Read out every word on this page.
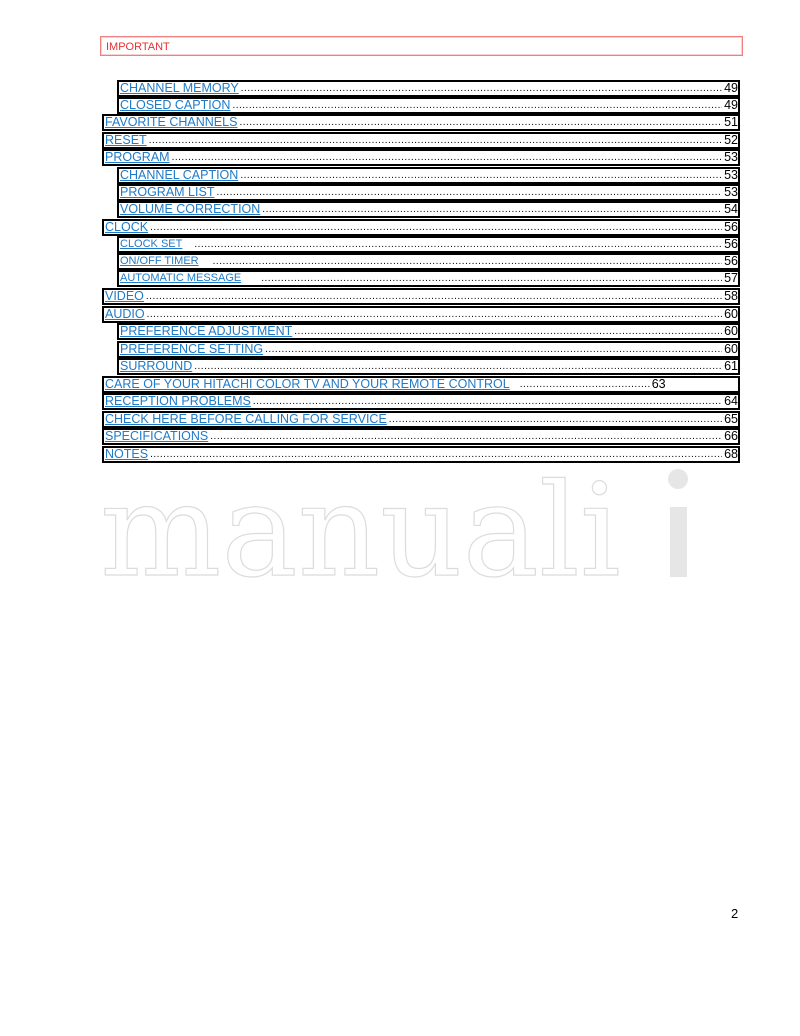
IMPORTANT
manuali
CHANNEL MEMORY .....	49
CLOSED CAPTION .....	49
FAVORITE CHANNELS .....	51
RESET .....	52
PROGRAM .....	53
CHANNEL CAPTION .....	53
PROGRAM LIST .....	53
VOLUME CORRECTION .....	54
CLOCK .....	56
CLOCK SET .....	56
ON/OFF TIMER .....	56
AUTOMATIC MESSAGE .....	57
VIDEO .....	58
AUDIO .....	60
PREFERENCE ADJUSTMENT .....	60
PREFERENCE SETTING .....	60
SURROUND .....	61
CARE OF YOUR HITACHI COLOR TV AND YOUR REMOTE CONTROL .....	63
RECEPTION PROBLEMS .....	64
CHECK HERE BEFORE CALLING FOR SERVICE .....	65
SPECIFICATIONS .....	66
NOTES .....	68
2
